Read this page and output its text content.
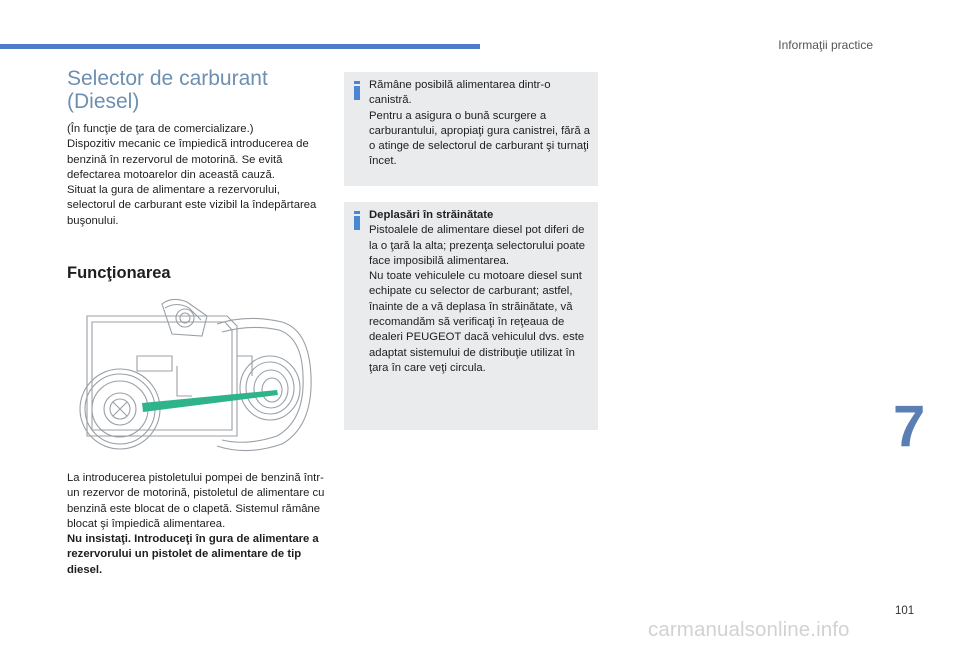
Informaţii practice
Selector de carburant (Diesel)

(În funcţie de ţara de comercializare.)
Dispozitiv mecanic ce împiedică introducerea de benzină în rezervorul de motorină. Se evită defectarea motoarelor din această cauză.
Situat la gura de alimentare a rezervorului, selectorul de carburant este vizibil la îndepărtarea buşonului.

Funcţionarea

La introducerea pistoletului pompei de benzină într-un rezervor de motorină, pistoletul de alimentare cu benzină este blocat de o clapetă. Sistemul rămâne blocat şi împiedică alimentarea.
Nu insistaţi. Introduceţi în gura de alimentare a rezervorului un pistolet de alimentare de tip diesel.

Rămâne posibilă alimentarea dintr-o canistră.
Pentru a asigura o bună scurgere a carburantului, apropiaţi gura canistrei, fără a o atinge de selectorul de carburant şi turnaţi încet.

Deplasări în străinătate
Pistoalele de alimentare diesel pot diferi de la o ţară la alta; prezenţa selectorului poate face imposibilă alimentarea.
Nu toate vehiculele cu motoare diesel sunt echipate cu selector de carburant; astfel, înainte de a vă deplasa în străinătate, vă recomandăm să verificaţi în reţeaua de dealeri PEUGEOT dacă vehiculul dvs. este adaptat sistemului de distribuţie utilizat în ţara în care veţi circula.

7
101
carmanualsonline.info
